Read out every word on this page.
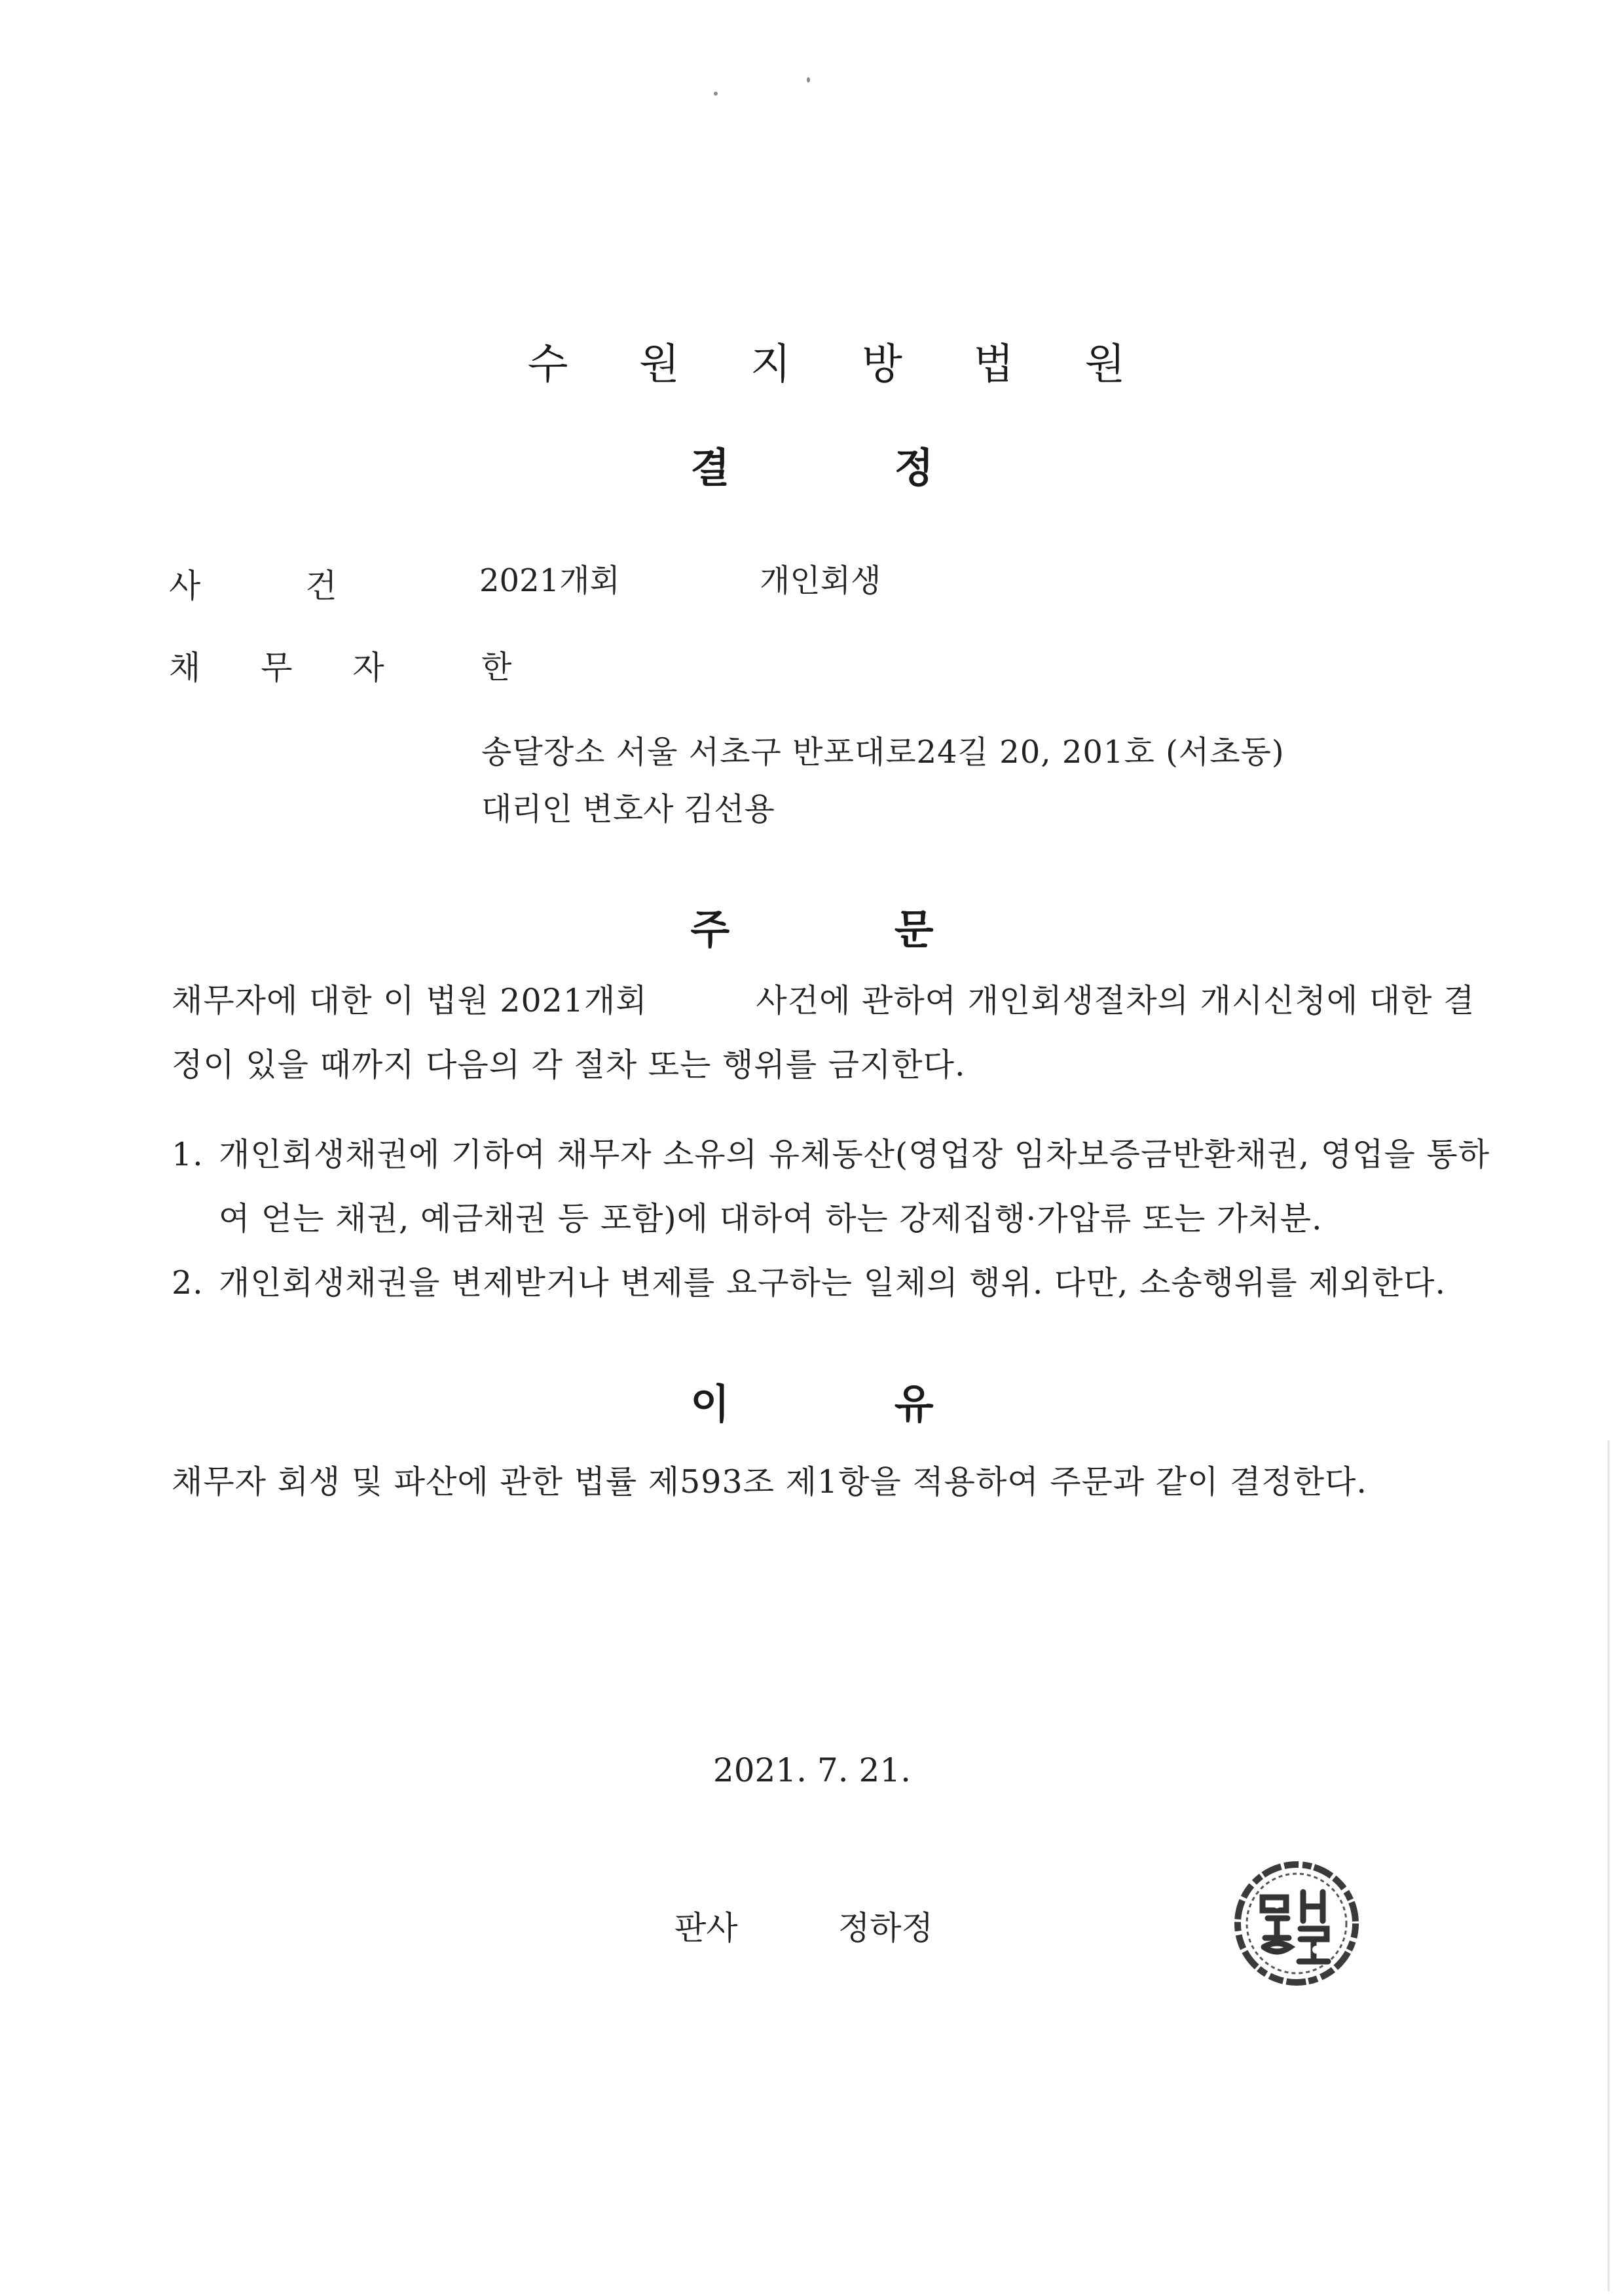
수 원 지 방 법 원
결 정
사 건	2021개회	개인회생
채 무 자	한
송달장소 서울 서초구 반포대로24길 20, 201호 (서초동)
대리인 변호사 김선용
주 문
채무자에 대한 이 법원 2021개회          사건에 관하여 개인회생절차의 개시신청에 대한 결정이 있을 때까지 다음의 각 절차 또는 행위를 금지한다.
1. 개인회생채권에 기하여 채무자 소유의 유체동산(영업장 임차보증금반환채권, 영업을 통하여 얻는 채권, 예금채권 등 포함)에 대하여 하는 강제집행·가압류 또는 가처분.
2. 개인회생채권을 변제받거나 변제를 요구하는 일체의 행위. 다만, 소송행위를 제외한다.
이 유
채무자 회생 및 파산에 관한 법률 제593조 제1항을 적용하여 주문과 같이 결정한다.
2021. 7. 21.
판사	정하정
